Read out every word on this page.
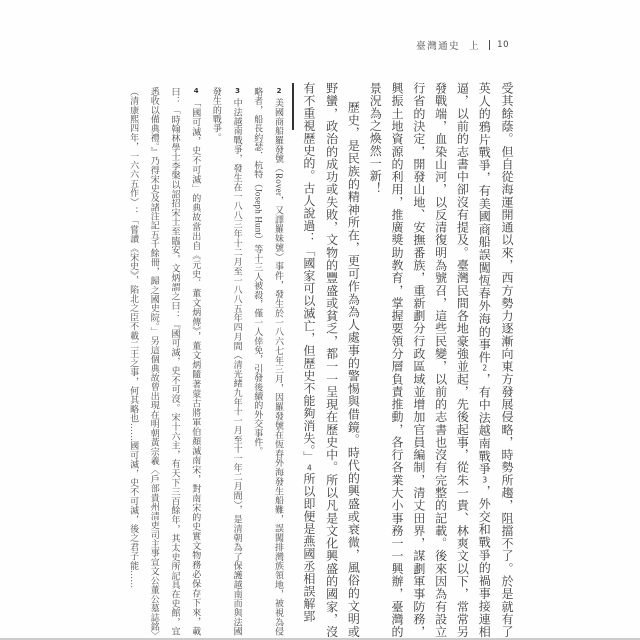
臺灣通史 上 10
受其餘蔭。但自從海運開通以來，西方勢力逐漸向東方發展侵略，時勢所趨，阻擋不了。於是就有了英人的鴉片戰爭，有美國商船誤闖恆春外海的事件2，有中法越南戰爭3，外交和戰爭的禍事接連相逼，以前的志書中卻沒有提及。臺灣民間各地豪強並起，先後起事，從朱一貴、林爽文以下，常常另發戰端，血染山河，以反清復明為號召，這些民變，以前的志書也沒有完整的記載。後來因為有設立行省的決定，開發山地、安撫番族，重新劃分行政區域並增加官員編制，清丈田界，謀劃軍事防務，興振土地資源的利用，推廣獎助教育，掌握要領分層負責推動，各行各業大小事務一一興辦，臺灣的景況為之煥然一新！
歷史，是民族的精神所在，更可作為為人處事的警惕與借鏡。時代的興盛或衰微，風俗的文明或野蠻，政治的成功或失敗，文物的豐盛或貧乏，都一一呈現在歷史中。所以凡是文化興盛的國家，沒有不重視歷史的。古人說過：「國家可以滅亡，但歷史不能夠消失。」4所以即便是燕國丞相誤解郢
2美國商船羅發號（Rover，又譯羅妹號）事件，發生於一八六七年三月，因羅發號在恆春外海發生船難，誤闖排灣族領地，被視為侵略者，船長約瑟．杭特（Joseph Hunt）等十三人被殺，僅一人倖免，引發後續的外交事件。
3中法越南戰爭，發生在一八八三年十二月至一八八五年四月間（清光緒九年十一月至十一年二月間），是清朝為了保護越南而與法國發生的戰爭。
4「國可滅，史不可滅」的典故當出自《元史．董文炳傳》，董文炳隨著蒙古將軍伯顏滅南宋，對南宋的史實文物務必保存下來，載曰：「時翰林學士李槃以詔招宋士至臨安，文炳謂之曰：『國可滅，史不可沒。宋十六主，有天下三百餘年，其太史所記具在史館，宜悉收以備典禮。』乃得宋史及諸注記五千餘冊，歸之國史院。」另這個典故曾出現在明朝黃宗羲〈戶部貴州清吏司主事宣文公董公墓誌銘〉（清康熙四年，一六六五作）：「嘗讀《宋史》，陷北之臣不載二王之事，何其略也……國可滅，史不可滅，後之君子能……
